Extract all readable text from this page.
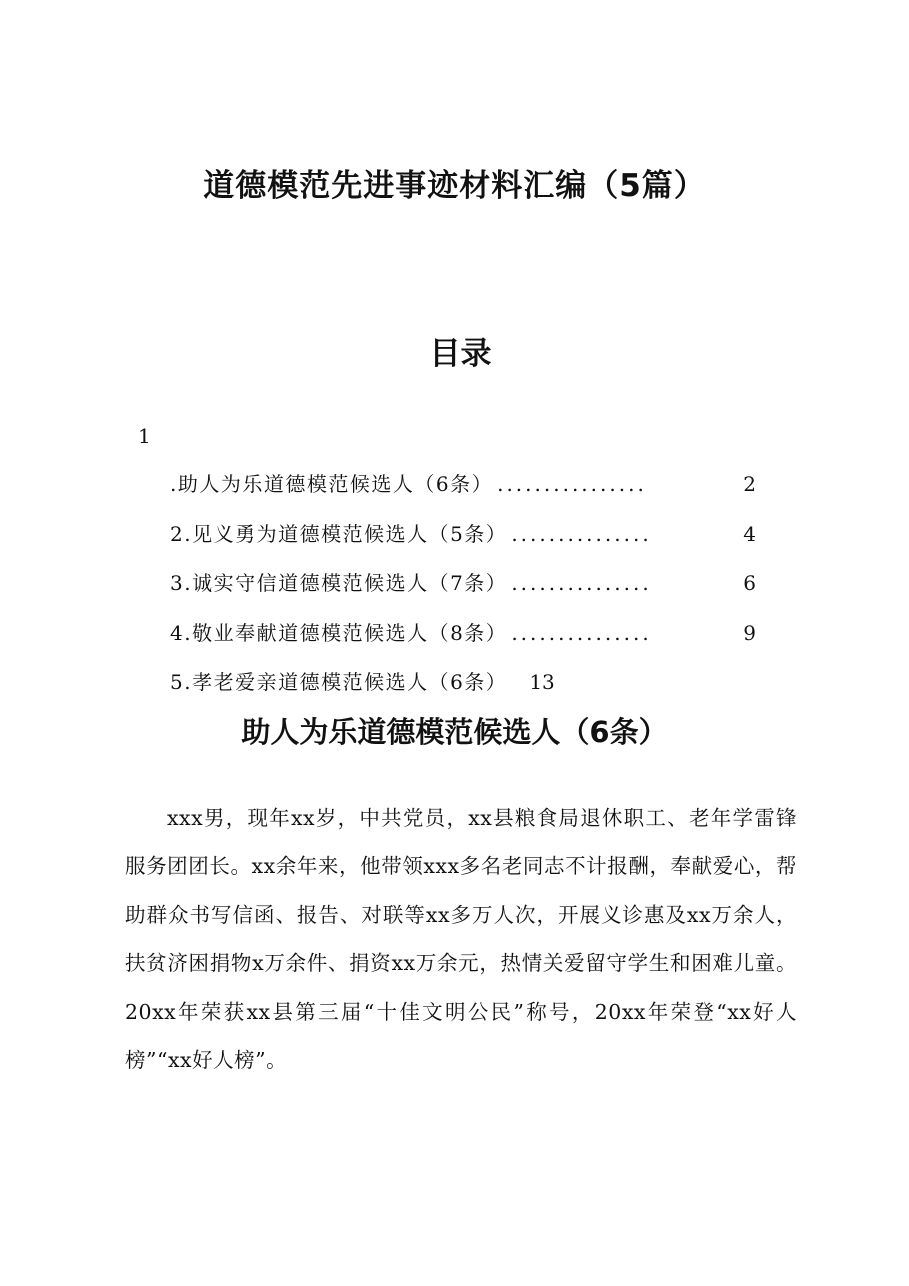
道德模范先进事迹材料汇编（5篇）
目录
1
.助人为乐道德模范候选人（6条） ................	2
2.见义勇为道德模范候选人（5条） ...............	4
3.诚实守信道德模范候选人（7条） ...............	6
4.敬业奉献道德模范候选人（8条） ...............	9
5.孝老爱亲道德模范候选人（6条） 13
助人为乐道德模范候选人（6条）

xxx男，现年xx岁，中共党员，xx县粮食局退休职工、老年学雷锋服务团团长。xx余年来，他带领xxx多名老同志不计报酬，奉献爱心，帮助群众书写信函、报告、对联等xx多万人次，开展义诊惠及xx万余人，扶贫济困捐物x万余件、捐资xx万余元，热情关爱留守学生和困难儿童。20xx年荣获xx县第三届“十佳文明公民”称号，20xx年荣登“xx好人榜”“xx好人榜”。
